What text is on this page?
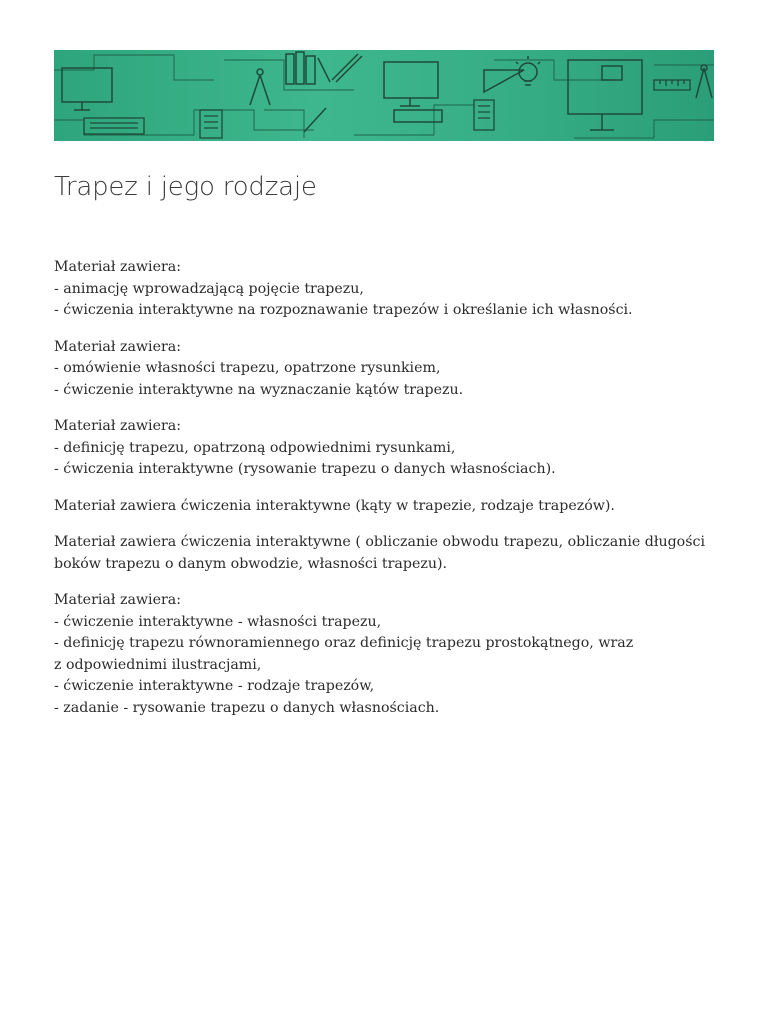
Trapez i jego rodzaje
Materiał zawiera:
- animację wprowadzającą pojęcie trapezu,
- ćwiczenia interaktywne na rozpoznawanie trapezów i określanie ich własności.
Materiał zawiera:
- omówienie własności trapezu, opatrzone rysunkiem,
- ćwiczenie interaktywne na wyznaczanie kątów trapezu.
Materiał zawiera:
- definicję trapezu, opatrzoną odpowiednimi rysunkami,
- ćwiczenia interaktywne (rysowanie trapezu o danych własnościach).

Materiał zawiera ćwiczenia interaktywne (kąty w trapezie, rodzaje trapezów).

Materiał zawiera ćwiczenia interaktywne ( obliczanie obwodu trapezu, obliczanie długości boków trapezu o danym obwodzie, własności trapezu).

Materiał zawiera:
- ćwiczenie interaktywne - własności trapezu,
- definicję trapezu równoramiennego oraz definicję trapezu prostokątnego, wraz
z odpowiednimi ilustracjami,
- ćwiczenie interaktywne - rodzaje trapezów,
- zadanie - rysowanie trapezu o danych własnościach.
